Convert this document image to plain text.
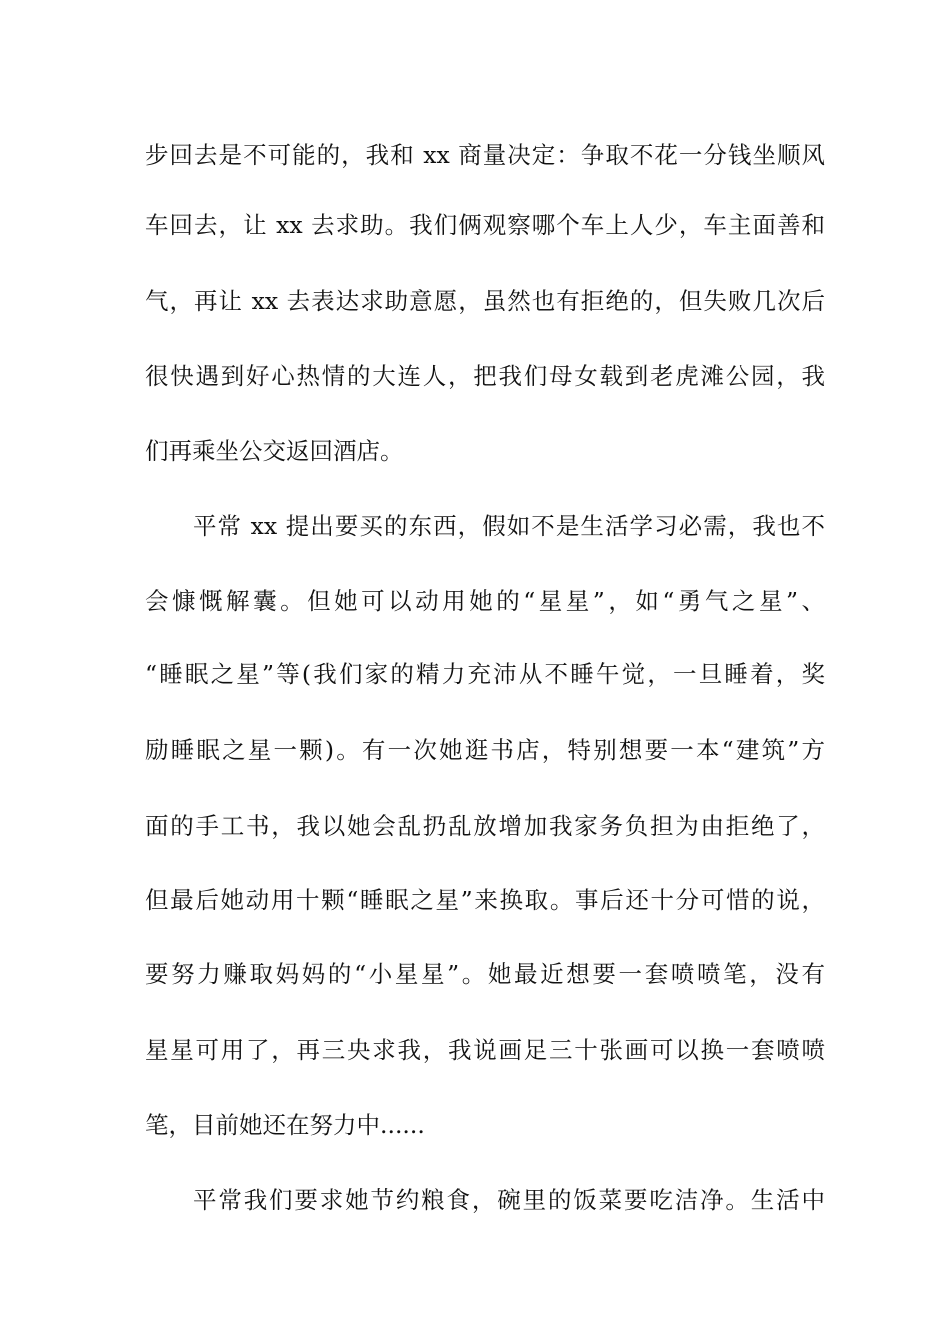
步回去是不可能的，我和 xx 商量决定：争取不花一分钱坐顺风
车回去，让 xx 去求助。我们俩观察哪个车上人少，车主面善和
气，再让 xx 去表达求助意愿，虽然也有拒绝的，但失败几次后
很快遇到好心热情的大连人，把我们母女载到老虎滩公园，我
们再乘坐公交返回酒店。
平常 xx 提出要买的东西，假如不是生活学习必需，我也不
会慷慨解囊。但她可以动用她的“星星”，如“勇气之星”、
“睡眠之星”等(我们家的精力充沛从不睡午觉，一旦睡着，奖
励睡眠之星一颗)。有一次她逛书店，特别想要一本“建筑”方
面的手工书，我以她会乱扔乱放增加我家务负担为由拒绝了，
但最后她动用十颗“睡眠之星”来换取。事后还十分可惜的说，
要努力赚取妈妈的“小星星”。她最近想要一套喷喷笔，没有
星星可用了，再三央求我，我说画足三十张画可以换一套喷喷
笔，目前她还在努力中......
平常我们要求她节约粮食，碗里的饭菜要吃洁净。生活中
